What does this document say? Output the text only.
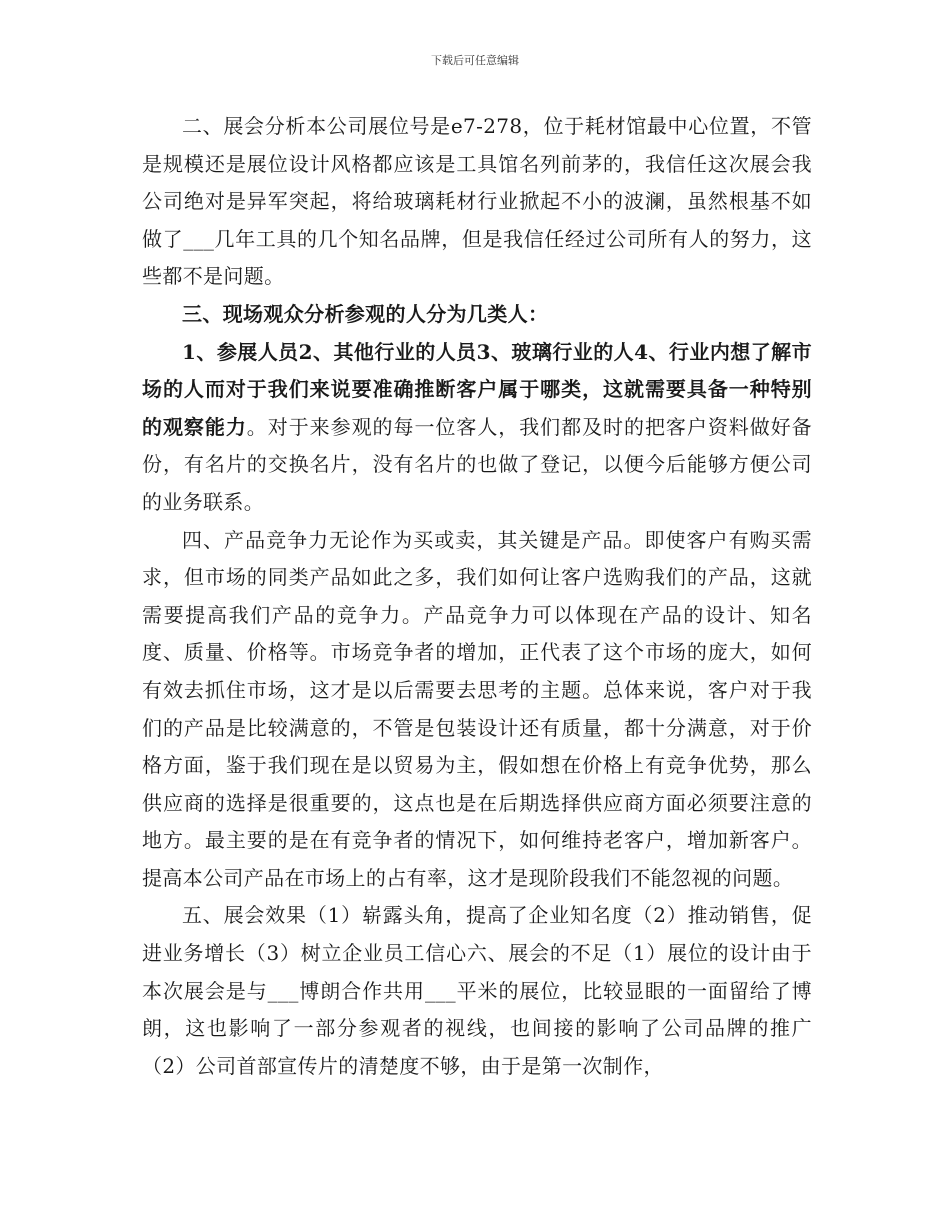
下载后可任意编辑

二、展会分析本公司展位号是e7-278，位于耗材馆最中心位置，不管是规模还是展位设计风格都应该是工具馆名列前茅的，我信任这次展会我公司绝对是异军突起，将给玻璃耗材行业掀起不小的波澜，虽然根基不如做了___几年工具的几个知名品牌，但是我信任经过公司所有人的努力，这些都不是问题。

三、现场观众分析参观的人分为几类人：

1、参展人员2、其他行业的人员3、玻璃行业的人4、行业内想了解市场的人而对于我们来说要准确推断客户属于哪类，这就需要具备一种特别的观察能力。对于来参观的每一位客人，我们都及时的把客户资料做好备份，有名片的交换名片，没有名片的也做了登记，以便今后能够方便公司的业务联系。

四、产品竞争力无论作为买或卖，其关键是产品。即使客户有购买需求，但市场的同类产品如此之多，我们如何让客户选购我们的产品，这就需要提高我们产品的竞争力。产品竞争力可以体现在产品的设计、知名度、质量、价格等。市场竞争者的增加，正代表了这个市场的庞大，如何有效去抓住市场，这才是以后需要去思考的主题。总体来说，客户对于我们的产品是比较满意的，不管是包装设计还有质量，都十分满意，对于价格方面，鉴于我们现在是以贸易为主，假如想在价格上有竞争优势，那么供应商的选择是很重要的，这点也是在后期选择供应商方面必须要注意的地方。最主要的是在有竞争者的情况下，如何维持老客户，增加新客户。提高本公司产品在市场上的占有率，这才是现阶段我们不能忽视的问题。

五、展会效果（1）崭露头角，提高了企业知名度（2）推动销售，促进业务增长（3）树立企业员工信心六、展会的不足（1）展位的设计由于本次展会是与___博朗合作共用___平米的展位，比较显眼的一面留给了博朗，这也影响了一部分参观者的视线，也间接的影响了公司品牌的推广（2）公司首部宣传片的清楚度不够，由于是第一次制作，
